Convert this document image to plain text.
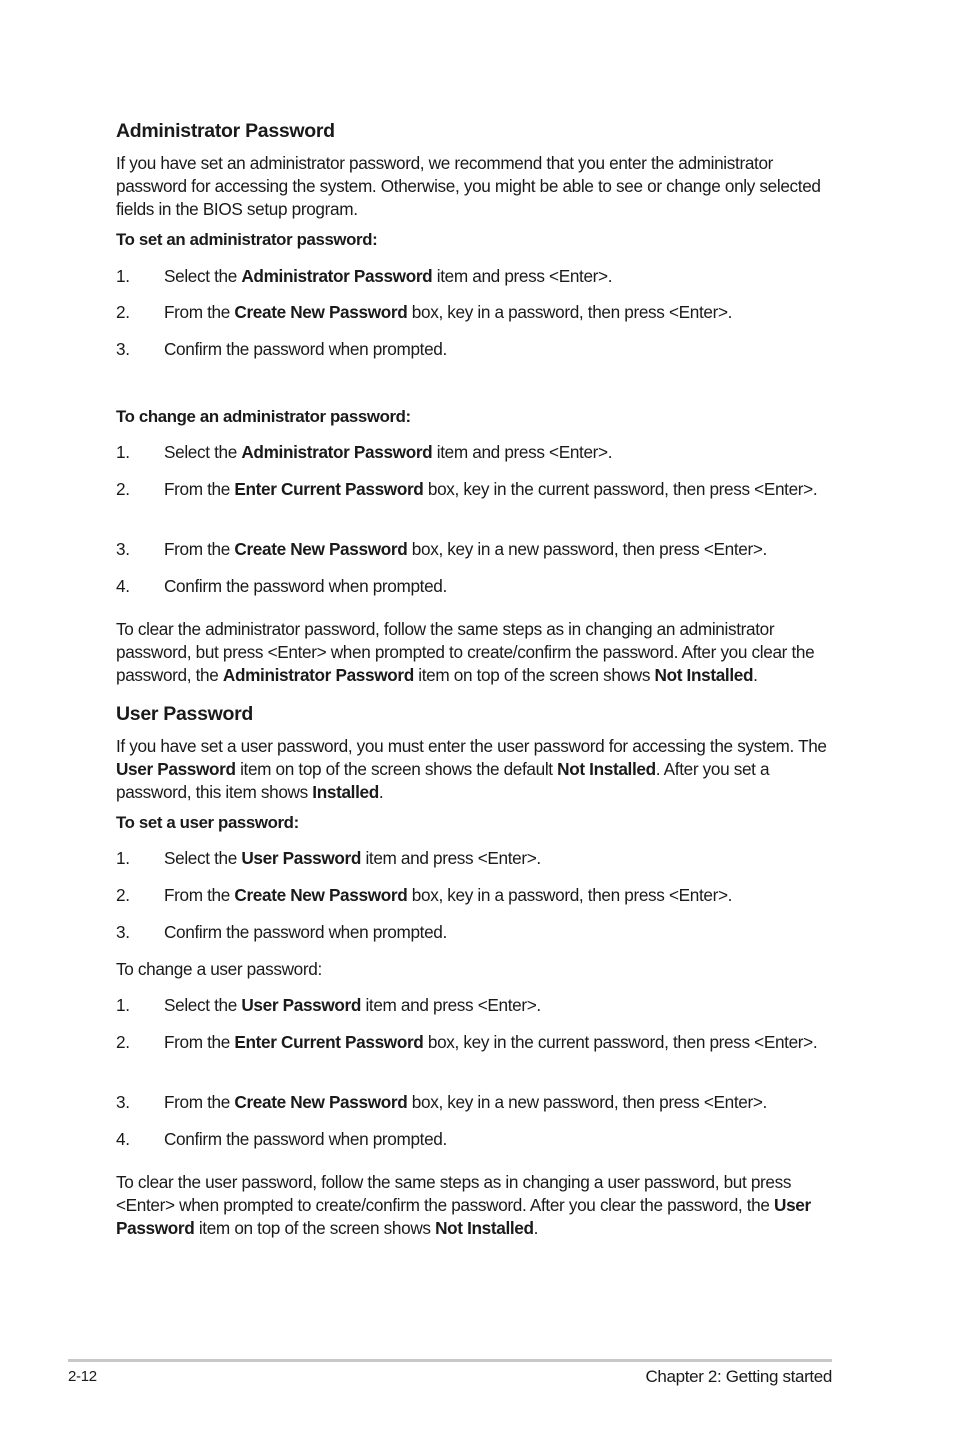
Administrator Password
If you have set an administrator password, we recommend that you enter the administrator password for accessing the system. Otherwise, you might be able to see or change only selected fields in the BIOS setup program.
To set an administrator password:
1. Select the Administrator Password item and press <Enter>.
2. From the Create New Password box, key in a password, then press <Enter>.
3. Confirm the password when prompted.
To change an administrator password:
1. Select the Administrator Password item and press <Enter>.
2. From the Enter Current Password box, key in the current password, then press <Enter>.
3. From the Create New Password box, key in a new password, then press <Enter>.
4. Confirm the password when prompted.
To clear the administrator password, follow the same steps as in changing an administrator password, but press <Enter> when prompted to create/confirm the password. After you clear the password, the Administrator Password item on top of the screen shows Not Installed.
User Password
If you have set a user password, you must enter the user password for accessing the system. The User Password item on top of the screen shows the default Not Installed. After you set a password, this item shows Installed.
To set a user password:
1. Select the User Password item and press <Enter>.
2. From the Create New Password box, key in a password, then press <Enter>.
3. Confirm the password when prompted.
To change a user password:
1. Select the User Password item and press <Enter>.
2. From the Enter Current Password box, key in the current password, then press <Enter>.
3. From the Create New Password box, key in a new password, then press <Enter>.
4. Confirm the password when prompted.
To clear the user password, follow the same steps as in changing a user password, but press <Enter> when prompted to create/confirm the password. After you clear the password, the User Password item on top of the screen shows Not Installed.
2-12	Chapter 2: Getting started
